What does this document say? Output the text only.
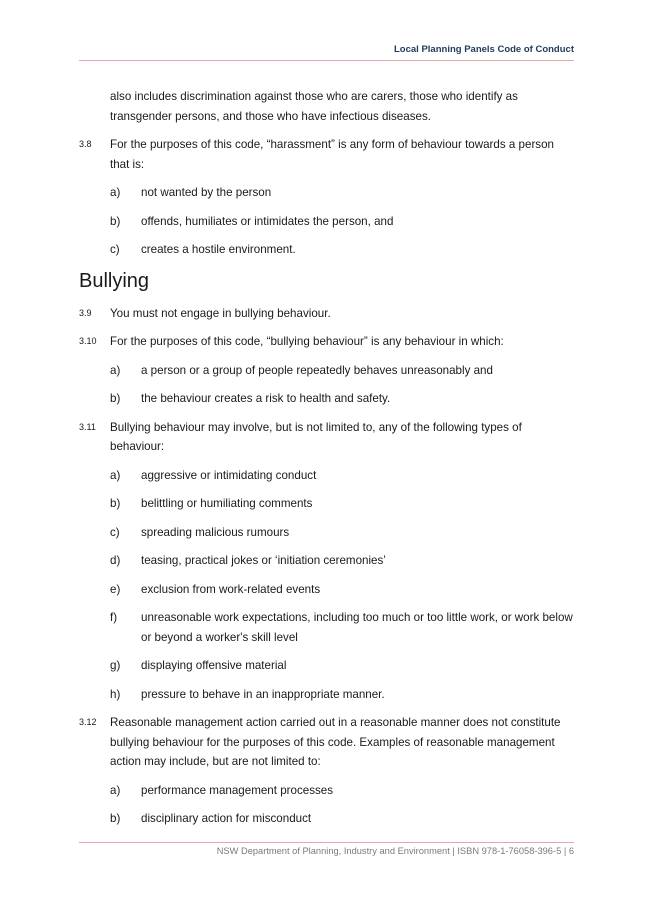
Local Planning Panels Code of Conduct

also includes discrimination against those who are carers, those who identify as transgender persons, and those who have infectious diseases.

3.8 For the purposes of this code, “harassment” is any form of behaviour towards a person that is:
a) not wanted by the person
b) offends, humiliates or intimidates the person, and
c) creates a hostile environment.
Bullying
3.9 You must not engage in bullying behaviour.
3.10 For the purposes of this code, “bullying behaviour” is any behaviour in which:
a) a person or a group of people repeatedly behaves unreasonably and
b) the behaviour creates a risk to health and safety.
3.11 Bullying behaviour may involve, but is not limited to, any of the following types of behaviour:
a) aggressive or intimidating conduct
b) belittling or humiliating comments
c) spreading malicious rumours
d) teasing, practical jokes or ‘initiation ceremonies’
e) exclusion from work-related events
f) unreasonable work expectations, including too much or too little work, or work below or beyond a worker's skill level
g) displaying offensive material
h) pressure to behave in an inappropriate manner.
3.12 Reasonable management action carried out in a reasonable manner does not constitute bullying behaviour for the purposes of this code. Examples of reasonable management action may include, but are not limited to:
a) performance management processes
b) disciplinary action for misconduct
NSW Department of Planning, Industry and Environment | ISBN 978-1-76058-396-5 | 6
